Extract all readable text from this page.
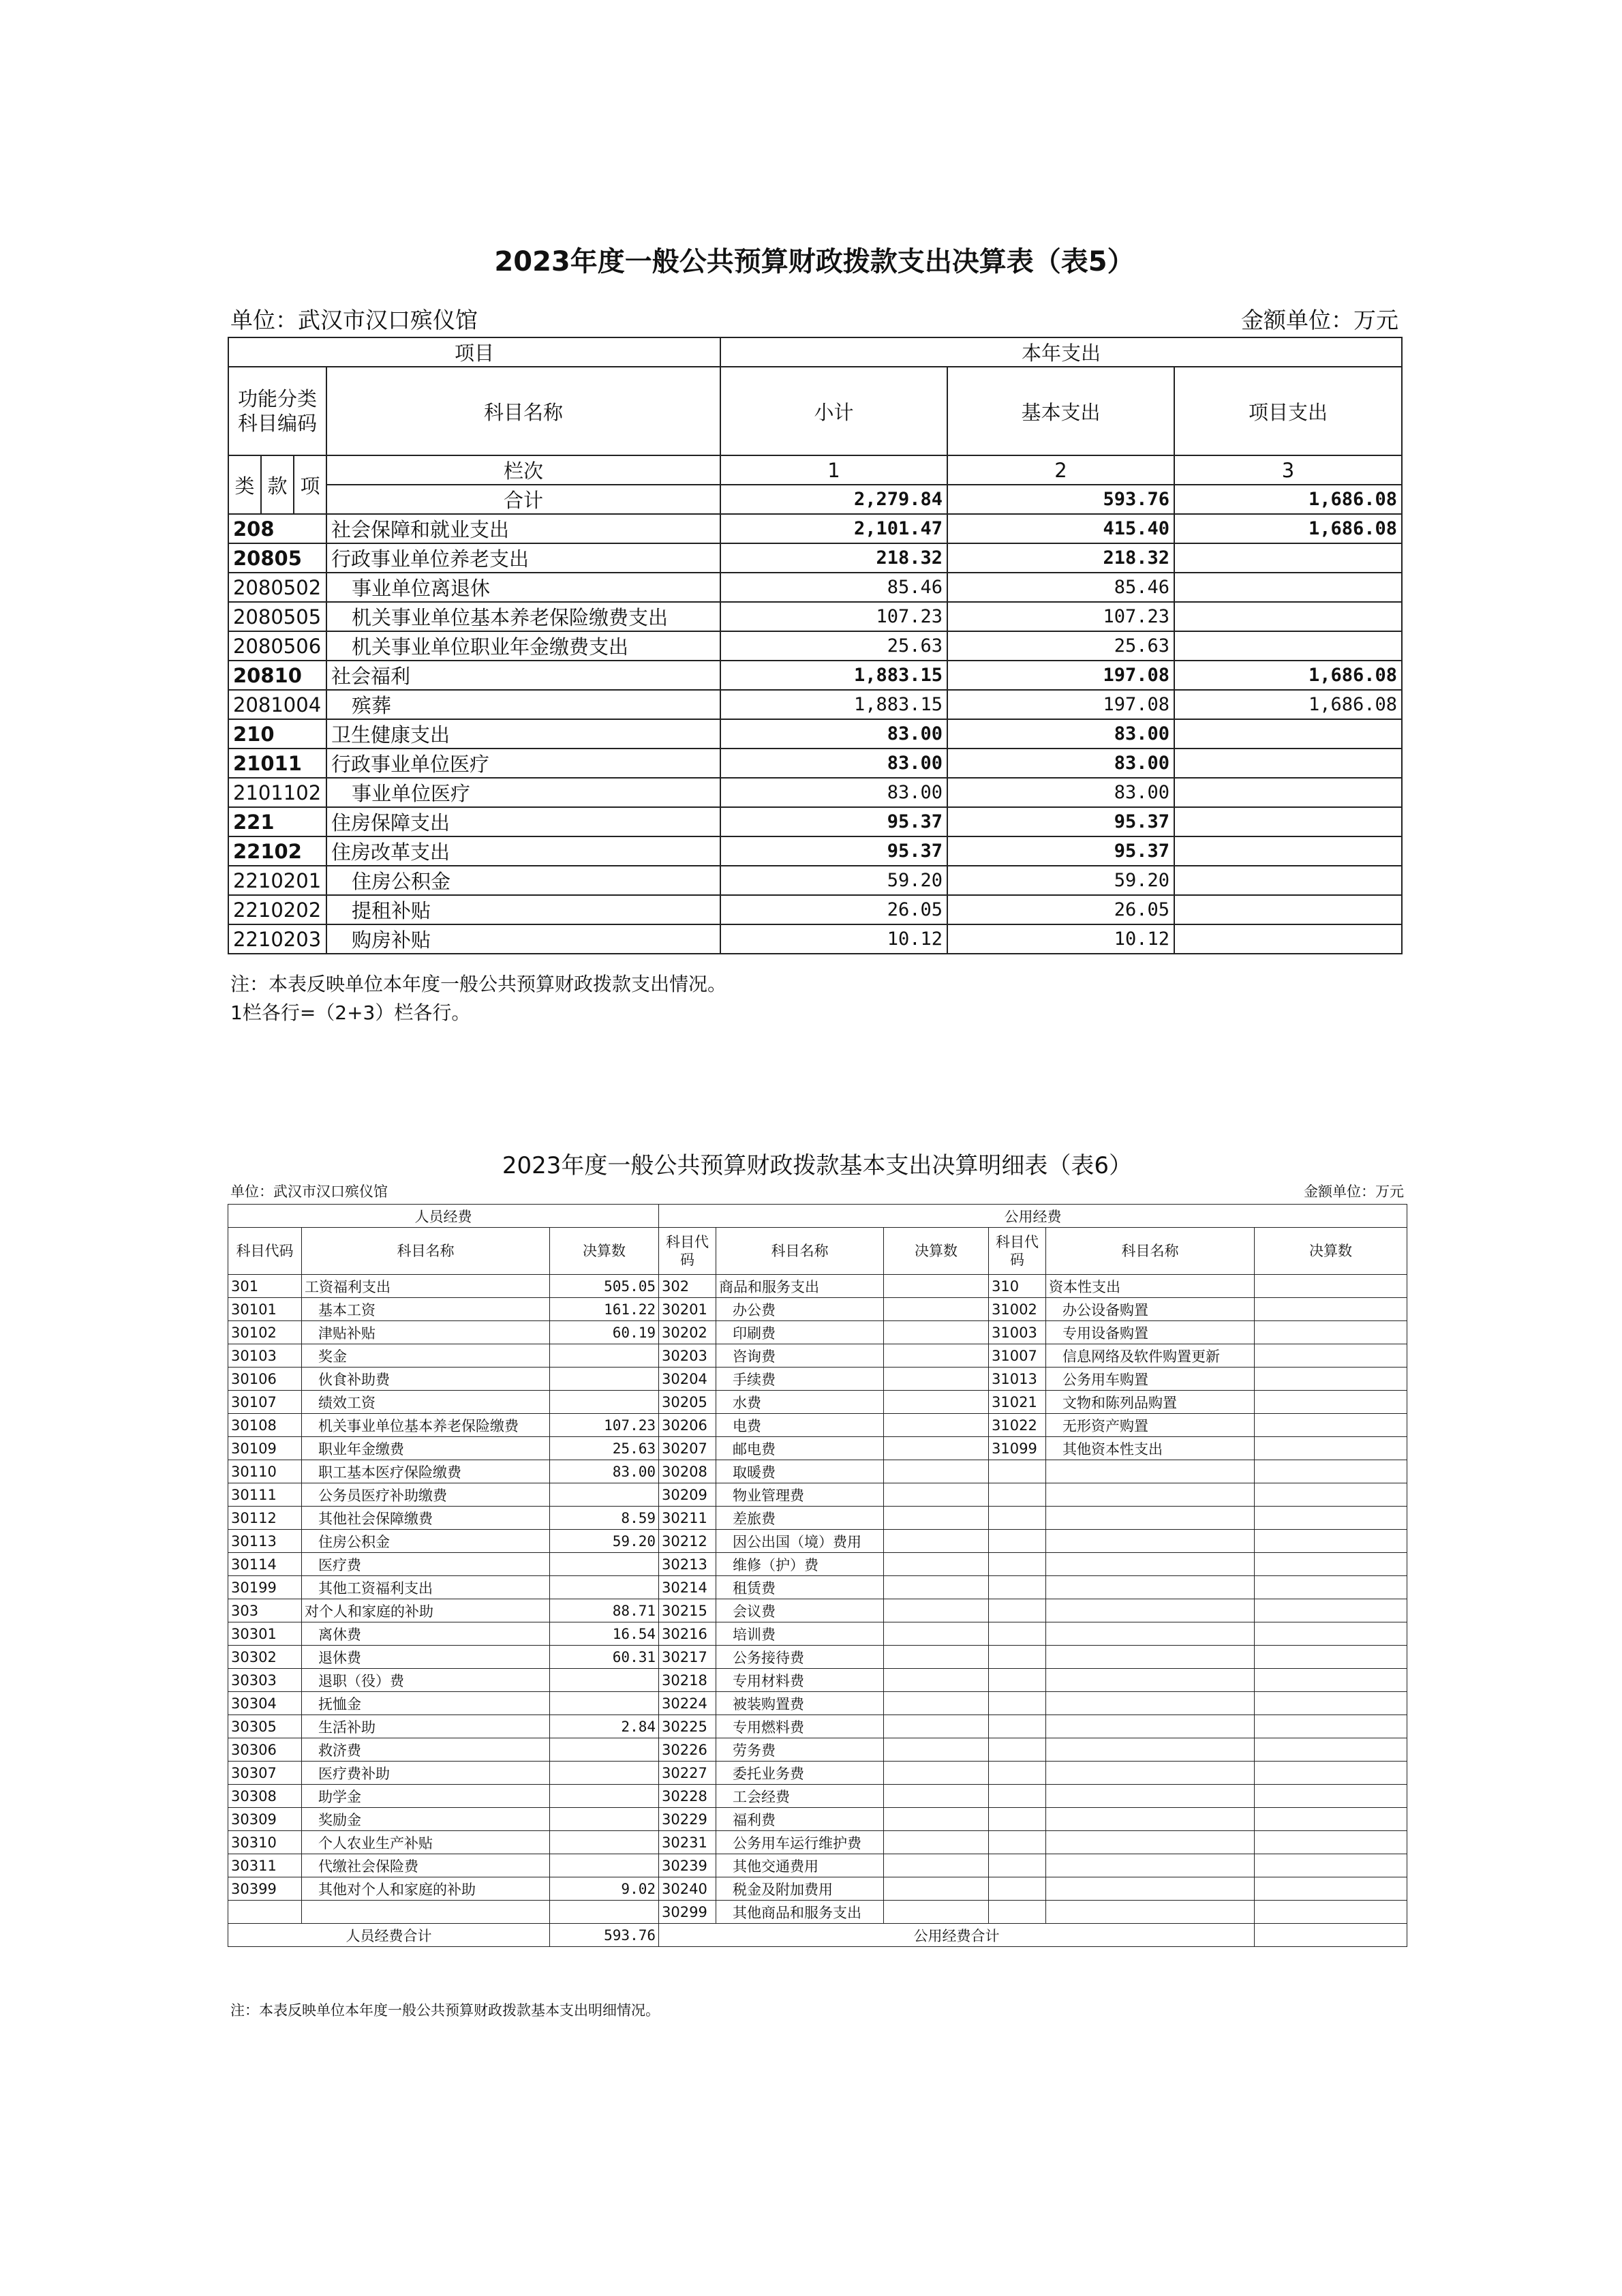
2023年度一般公共预算财政拨款支出决算表（表5）
单位：武汉市汉口殡仪馆	金额单位：万元
项目				本年支出		
功能分类科目编码			科目名称	小计	基本支出	项目支出
类	款	项	栏次	1	2	3
			合计	2,279.84	593.76	1,686.08
208			社会保障和就业支出	2,101.47	415.40	1,686.08
20805			行政事业单位养老支出	218.32	218.32	
2080502			事业单位离退休	85.46	85.46	
2080505			机关事业单位基本养老保险缴费支出	107.23	107.23	
2080506			机关事业单位职业年金缴费支出	25.63	25.63	
20810			社会福利	1,883.15	197.08	1,686.08
2081004			殡葬	1,883.15	197.08	1,686.08
210			卫生健康支出	83.00	83.00	
21011			行政事业单位医疗	83.00	83.00	
2101102			事业单位医疗	83.00	83.00	
221			住房保障支出	95.37	95.37	
22102			住房改革支出	95.37	95.37	
2210201			住房公积金	59.20	59.20	
2210202			提租补贴	26.05	26.05	
2210203			购房补贴	10.12	10.12	
注：本表反映单位本年度一般公共预算财政拨款支出情况。
1栏各行=（2+3）栏各行。
2023年度一般公共预算财政拨款基本支出决算明细表（表6）
单位：武汉市汉口殡仪馆	金额单位：万元
人员经费			公用经费					
科目代码	科目名称	决算数	科目代码	科目名称	决算数	科目代码	科目名称	决算数
301	工资福利支出	505.05	302	商品和服务支出		310	资本性支出	
30101	基本工资	161.22	30201	办公费		31002	办公设备购置	
30102	津贴补贴	60.19	30202	印刷费		31003	专用设备购置	
30103	奖金		30203	咨询费		31007	信息网络及软件购置更新	
30106	伙食补助费		30204	手续费		31013	公务用车购置	
30107	绩效工资		30205	水费		31021	文物和陈列品购置	
30108	机关事业单位基本养老保险缴费	107.23	30206	电费		31022	无形资产购置	
30109	职业年金缴费	25.63	30207	邮电费		31099	其他资本性支出	
30110	职工基本医疗保险缴费	83.00	30208	取暖费				
30111	公务员医疗补助缴费		30209	物业管理费				
30112	其他社会保障缴费	8.59	30211	差旅费				
30113	住房公积金	59.20	30212	因公出国（境）费用				
30114	医疗费		30213	维修（护）费				
30199	其他工资福利支出		30214	租赁费				
303	对个人和家庭的补助	88.71	30215	会议费				
30301	离休费	16.54	30216	培训费				
30302	退休费	60.31	30217	公务接待费				
30303	退职（役）费		30218	专用材料费				
30304	抚恤金		30224	被装购置费				
30305	生活补助	2.84	30225	专用燃料费				
30306	救济费		30226	劳务费				
30307	医疗费补助		30227	委托业务费				
30308	助学金		30228	工会经费				
30309	奖励金		30229	福利费				
30310	个人农业生产补贴		30231	公务用车运行维护费				
30311	代缴社会保险费		30239	其他交通费用				
30399	其他对个人和家庭的补助	9.02	30240	税金及附加费用				
			30299	其他商品和服务支出				
人员经费合计		593.76	公用经费合计					
注：本表反映单位本年度一般公共预算财政拨款基本支出明细情况。
